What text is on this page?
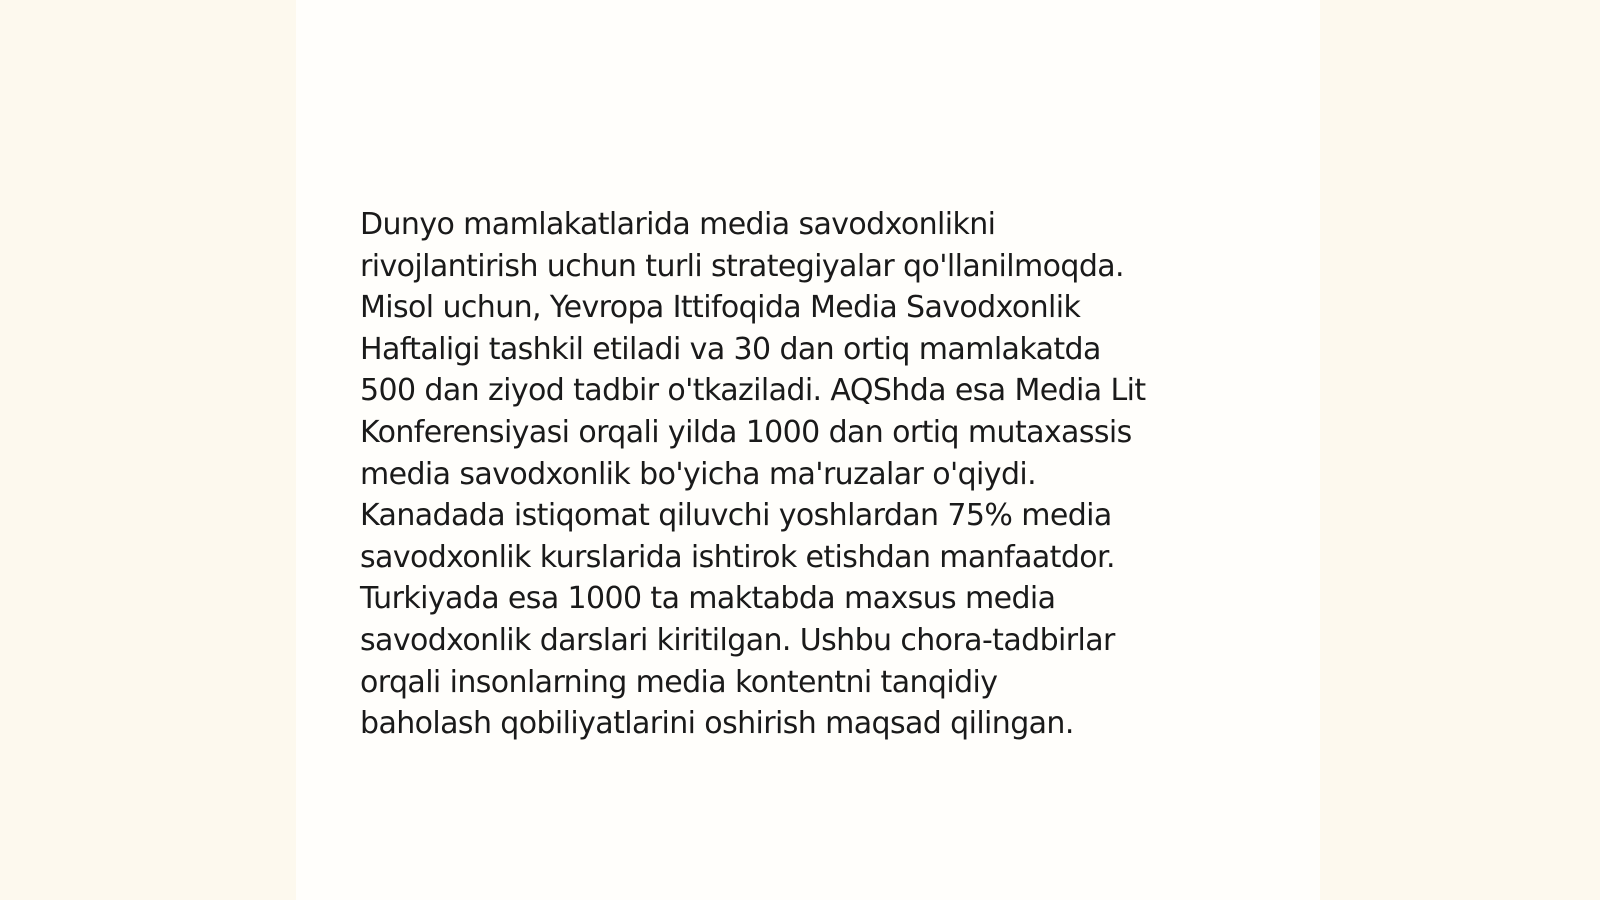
Dunyo mamlakatlarida media savodxonlikni
rivojlantirish uchun turli strategiyalar qo'llanilmoqda.
Misol uchun, Yevropa Ittifoqida Media Savodxonlik
Haftaligi tashkil etiladi va 30 dan ortiq mamlakatda
500 dan ziyod tadbir o'tkaziladi. AQShda esa Media Lit
Konferensiyasi orqali yilda 1000 dan ortiq mutaxassis
media savodxonlik bo'yicha ma'ruzalar o'qiydi.
Kanadada istiqomat qiluvchi yoshlardan 75% media
savodxonlik kurslarida ishtirok etishdan manfaatdor.
Turkiyada esa 1000 ta maktabda maxsus media
savodxonlik darslari kiritilgan. Ushbu chora-tadbirlar
orqali insonlarning media kontentni tanqidiy
baholash qobiliyatlarini oshirish maqsad qilingan.
